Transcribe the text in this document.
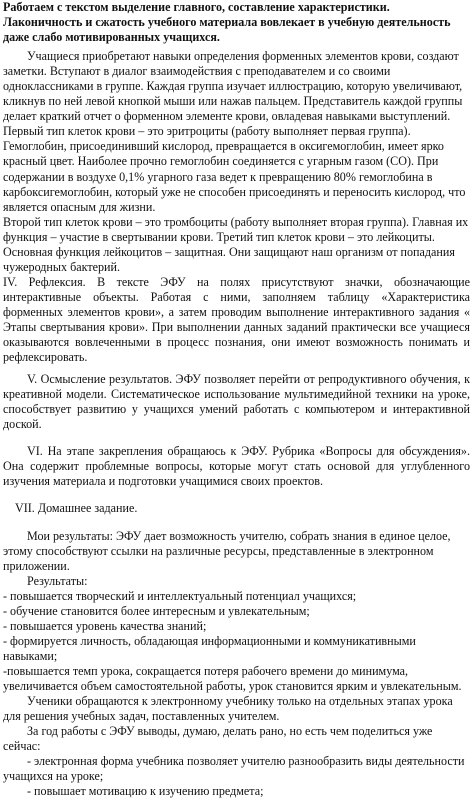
Работаем с текстом выделение главного, составление характеристики. Лаконичность и сжатость учебного материала вовлекает в учебную деятельность даже слабо мотивированных учащихся.

Учащиеся приобретают навыки определения форменных элементов крови, создают заметки. Вступают в диалог взаимодействия с преподавателем и со своими одноклассниками в группе. Каждая группа изучает иллюстрацию, которую увеличивают, кликнув по ней левой кнопкой мыши или нажав пальцем. Представитель каждой группы делает краткий отчет о форменном элементе крови, овладевая навыками выступлений.

Первый тип клеток крови – это эритроциты (работу выполняет первая группа). Гемоглобин, присоединивший кислород, превращается в оксигемоглобин, имеет ярко красный цвет. Наиболее прочно гемоглобин соединяется с угарным газом (СО). При содержании в воздухе 0,1% угарного газа ведет к превращению 80% гемоглобина в карбоксигемоглобин, который уже не способен присоединять и переносить кислород, что является опасным для жизни.

Второй тип клеток крови – это тромбоциты (работу выполняет вторая группа). Главная их функция – участие в свертывании крови. Третий тип клеток крови – это лейкоциты. Основная функция лейкоцитов – защитная. Они защищают наш организм от попадания чужеродных бактерий.

IV. Рефлексия. В тексте ЭФУ на полях присутствуют значки, обозначающие интерактивные объекты. Работая с ними, заполняем таблицу «Характеристика форменных элементов крови», а затем проводим выполнение интерактивного задания « Этапы свертывания крови». При выполнении данных заданий практически все учащиеся оказываются вовлеченными в процесс познания, они имеют возможность понимать и рефлексировать.

V. Осмысление результатов. ЭФУ позволяет перейти от репродуктивного обучения, к креативной модели. Систематическое использование мультимедийной техники на уроке, способствует развитию у учащихся умений работать с компьютером и интерактивной доской.

VI. На этапе закрепления обращаюсь к ЭФУ. Рубрика «Вопросы для обсуждения». Она содержит проблемные вопросы, которые могут стать основой для углубленного изучения материала и подготовки учащимися своих проектов.

VII. Домашнее задание.

Мои результаты: ЭФУ дает возможность учителю, собрать знания в единое целое, этому способствуют ссылки на различные ресурсы, представленные в электронном приложении.

Результаты:

- повышается творческий и интеллектуальный потенциал учащихся;

- обучение становится более интересным и увлекательным;

- повышается уровень качества знаний;

- формируется личность, обладающая информационными и коммуникативными навыками;

-повышается темп урока, сокращается потеря рабочего времени до минимума, увеличивается объем самостоятельной работы, урок становится ярким и увлекательным.

Ученики обращаются к электронному учебнику только на отдельных этапах урока для решения учебных задач, поставленных учителем.

За год работы с ЭФУ выводы, думаю, делать рано, но есть чем поделиться уже сейчас:

- электронная форма учебника позволяет учителю разнообразить виды деятельности учащихся на уроке;

- повышает мотивацию к изучению предмета;
